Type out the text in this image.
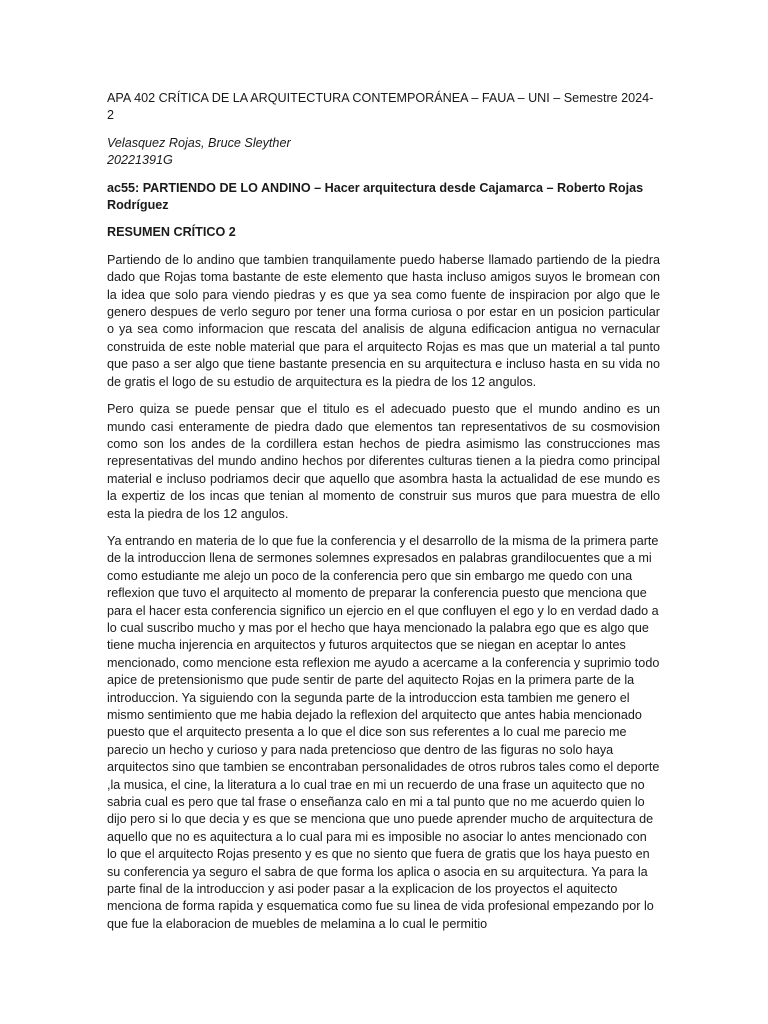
APA 402 CRÍTICA DE LA ARQUITECTURA CONTEMPORÁNEA – FAUA – UNI – Semestre 2024-2

Velasquez Rojas, Bruce Sleyther

20221391G

ac55: PARTIENDO DE LO ANDINO – Hacer arquitectura desde Cajamarca – Roberto Rojas Rodríguez

RESUMEN CRÍTICO 2

Partiendo de lo andino que tambien tranquilamente puedo haberse llamado partiendo de la piedra dado que Rojas toma bastante de este elemento que hasta incluso amigos suyos le bromean con la idea que solo para viendo piedras y es que ya sea como fuente de inspiracion por algo que le genero despues de verlo seguro por tener una forma curiosa o por estar en un posicion particular o ya sea como informacion que rescata del analisis de alguna edificacion antigua no vernacular construida de este noble material que para el arquitecto Rojas es mas que un material a tal punto que paso a ser algo que tiene bastante presencia en su arquitectura e incluso hasta en su vida no de gratis el logo de su estudio de arquitectura es la piedra de los 12 angulos.

Pero quiza se puede pensar que el titulo es el adecuado puesto que el mundo andino es un mundo casi enteramente de piedra dado que elementos tan representativos de su cosmovision como son los andes de la cordillera estan hechos de piedra asimismo las construcciones mas representativas del mundo andino hechos por diferentes culturas tienen a la piedra como principal material e incluso podriamos decir que aquello que asombra hasta la actualidad de ese mundo es la expertiz de los incas que tenian al momento de construir sus muros que para muestra de ello esta la piedra de los 12 angulos.

Ya entrando en materia de lo que fue la conferencia y el desarrollo de la misma de la primera parte de la introduccion llena de sermones solemnes expresados en palabras grandilocuentes que a mi como estudiante me alejo un poco de la conferencia pero que sin embargo me quedo con una reflexion que tuvo el arquitecto al momento de preparar la conferencia puesto que menciona que para el hacer esta conferencia significo un ejercio en el que confluyen el ego y lo en verdad dado a lo cual suscribo mucho y mas por el hecho que haya mencionado la palabra ego que es algo que tiene mucha injerencia en arquitectos y futuros arquitectos que se niegan en aceptar lo antes mencionado, como mencione esta reflexion me ayudo a acercame a la conferencia y suprimio todo apice de pretensionismo que pude sentir de parte del aquitecto Rojas en la primera parte de la introduccion. Ya siguiendo con la segunda parte de la introduccion esta tambien me genero el mismo sentimiento que me habia dejado la reflexion del arquitecto que antes habia mencionado puesto que el arquitecto presenta a lo que el dice son sus referentes a lo cual me parecio me parecio un hecho y curioso y para nada pretencioso que dentro de las figuras no solo haya arquitectos sino que tambien se encontraban personalidades de otros rubros tales como el deporte ,la musica, el cine, la literatura a lo cual trae en mi un recuerdo de una frase un aquitecto que no sabria cual es pero que tal frase o enseñanza calo en mi a tal punto que no me acuerdo quien lo dijo pero si lo que decia y es que se menciona que uno puede aprender mucho de arquitectura de aquello que no es aquitectura a lo cual para mi es imposible no asociar lo antes mencionado con lo que el arquitecto Rojas presento y es que no siento que fuera de gratis que los haya puesto en su conferencia ya seguro el sabra de que forma los aplica o asocia en su arquitectura. Ya para la parte final de la introduccion y asi poder pasar a la explicacion de los proyectos el aquitecto menciona de forma rapida y esquematica como fue su linea de vida profesional empezando por lo que fue la elaboracion de muebles de melamina a lo cual le permitio
